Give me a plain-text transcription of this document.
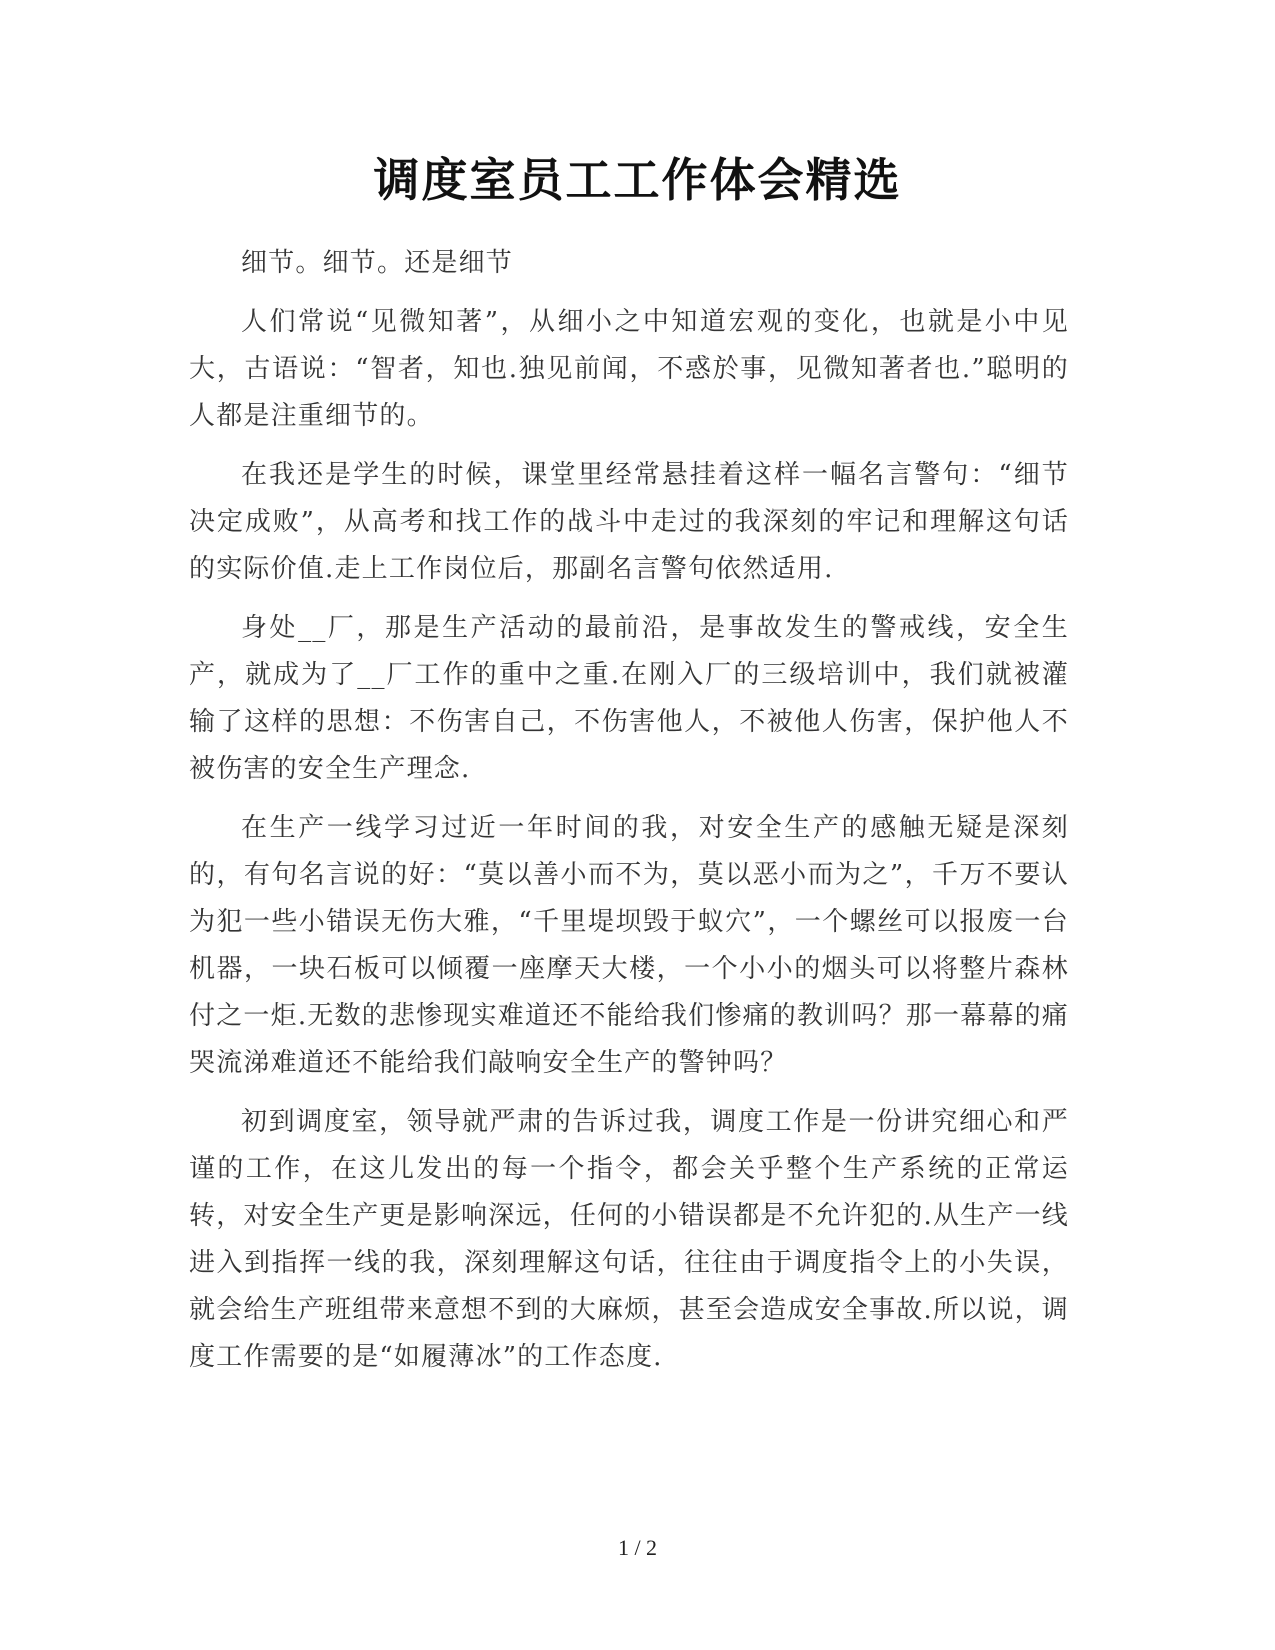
调度室员工工作体会精选

细节。细节。还是细节

人们常说“见微知著”，从细小之中知道宏观的变化，也就是小中见大，古语说：“智者，知也.独见前闻，不惑於事，见微知著者也.”聪明的人都是注重细节的。

在我还是学生的时候，课堂里经常悬挂着这样一幅名言警句：“细节决定成败”，从高考和找工作的战斗中走过的我深刻的牢记和理解这句话的实际价值.走上工作岗位后，那副名言警句依然适用.

身处__厂，那是生产活动的最前沿，是事故发生的警戒线，安全生产，就成为了__厂工作的重中之重.在刚入厂的三级培训中，我们就被灌输了这样的思想：不伤害自己，不伤害他人，不被他人伤害，保护他人不被伤害的安全生产理念.

在生产一线学习过近一年时间的我，对安全生产的感触无疑是深刻的，有句名言说的好：“莫以善小而不为，莫以恶小而为之”，千万不要认为犯一些小错误无伤大雅，“千里堤坝毁于蚁穴”，一个螺丝可以报废一台机器，一块石板可以倾覆一座摩天大楼，一个小小的烟头可以将整片森林付之一炬.无数的悲惨现实难道还不能给我们惨痛的教训吗？那一幕幕的痛哭流涕难道还不能给我们敲响安全生产的警钟吗？

初到调度室，领导就严肃的告诉过我，调度工作是一份讲究细心和严谨的工作，在这儿发出的每一个指令，都会关乎整个生产系统的正常运转，对安全生产更是影响深远，任何的小错误都是不允许犯的.从生产一线进入到指挥一线的我，深刻理解这句话，往往由于调度指令上的小失误，就会给生产班组带来意想不到的大麻烦，甚至会造成安全事故.所以说，调度工作需要的是“如履薄冰”的工作态度.

1 / 2
